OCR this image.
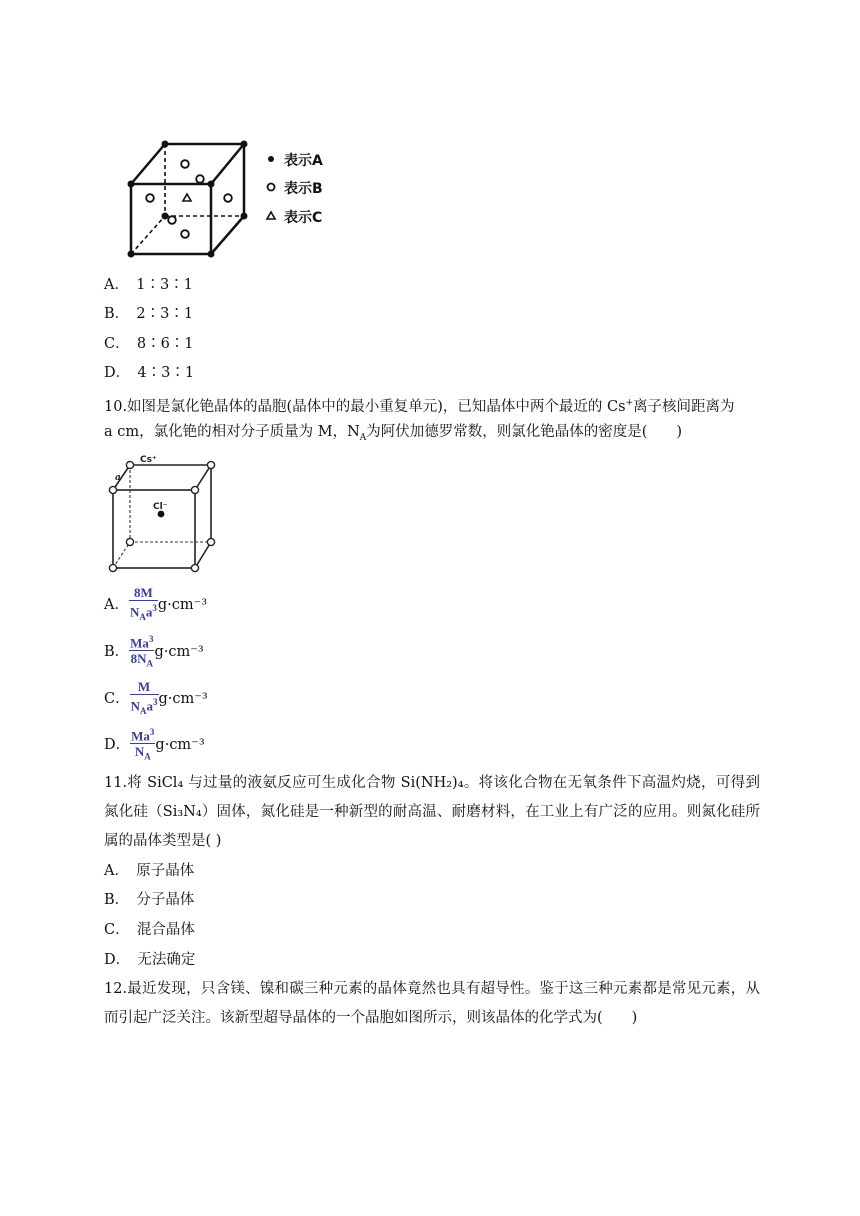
表示A
表示B
表示C
A．  1∶3∶1
B．  2∶3∶1
C．  8∶6∶1
D．  4∶3∶1
10.如图是氯化铯晶体的晶胞(晶体中的最小重复单元)，已知晶体中两个最近的 Cs+离子核间距离为
a cm，氯化铯的相对分子质量为 M，$N_A$为阿伏加德罗常数，则氯化铯晶体的密度是(　　)
Cs⁺
Cl⁻
a
A． $\frac{8M}{N_Aa^3} g\cdot cm^{-3}$
B． $\frac{Ma^3}{8N_A} g\cdot cm^{-3}$
C． $\frac{M}{N_Aa^3} g\cdot cm^{-3}$
D． $\frac{Ma^3}{N_A} g\cdot cm^{-3}$
11.将 SiCl₄ 与过量的液氨反应可生成化合物 Si(NH₂)₄。将该化合物在无氧条件下高温灼烧，可得到氮化硅（Si₃N₄）固体，氮化硅是一种新型的耐高温、耐磨材料，在工业上有广泛的应用。则氮化硅所属的晶体类型是( )
A．  原子晶体
B．  分子晶体
C．  混合晶体
D．  无法确定
12.最近发现，只含镁、镍和碳三种元素的晶体竟然也具有超导性。鉴于这三种元素都是常见元素，从而引起广泛关注。该新型超导晶体的一个晶胞如图所示，则该晶体的化学式为(　　)
